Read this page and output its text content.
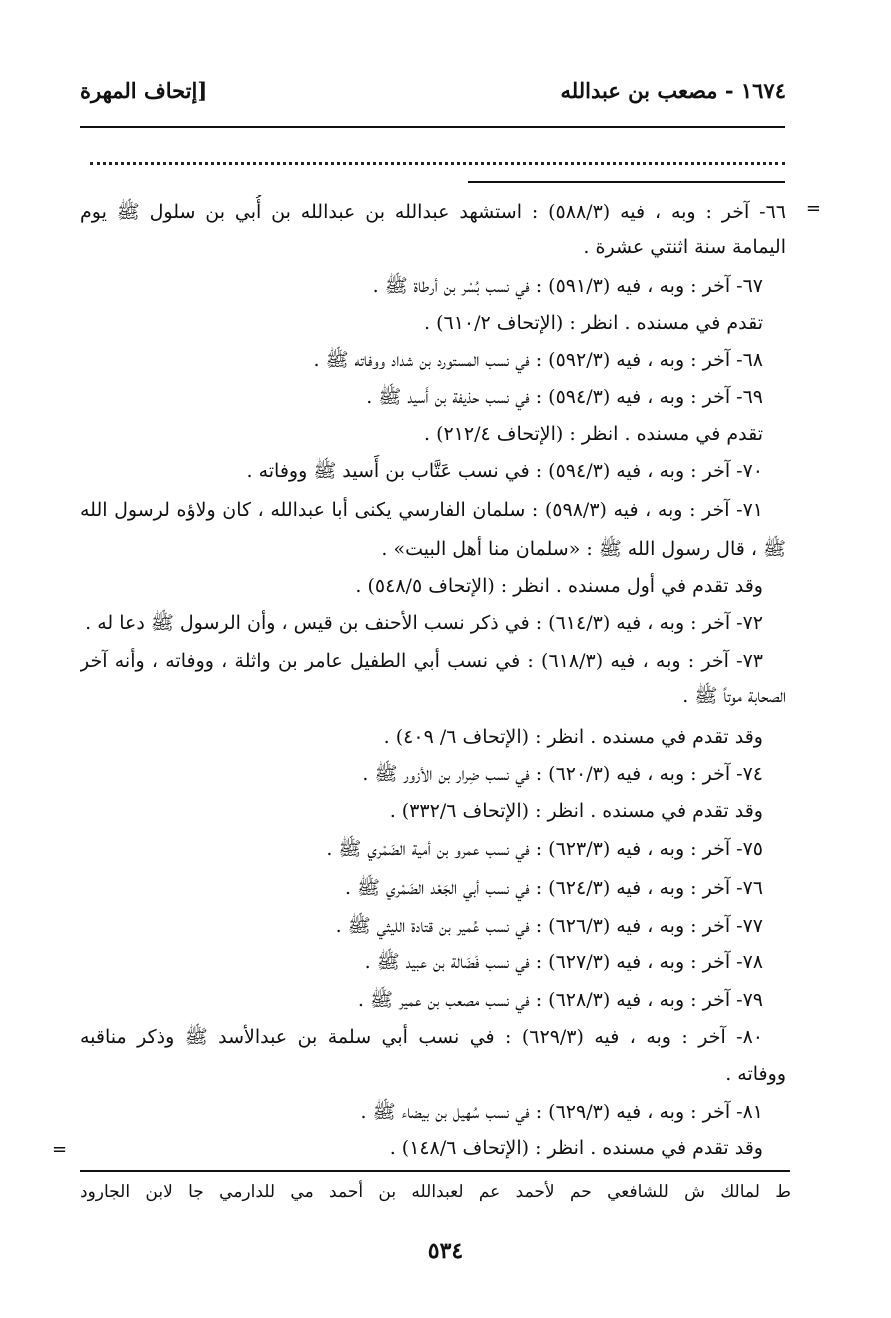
١٦٧٤ - مصعب بن عبدالله
[إتحاف المهرة
=
=
٦٦- آخر : وبه ، فيه (٥٨٨/٣) : استشهد عبدالله بن عبدالله بن أُبي بن سلول ﷺ يوم
اليمامة سنة اثنتي عشرة .
٦٧- آخر : وبه ، فيه (٥٩١/٣) : في نسب بُسْر بن أرطاة ﷺ .
تقدم في مسنده . انظر : (الإتحاف ٦١٠/٢) .
٦٨- آخر : وبه ، فيه (٥٩٢/٣) : في نسب المستورد بن شداد ووفاته ﷺ .
٦٩- آخر : وبه ، فيه (٥٩٤/٣) : في نسب حذيفة بن أَسيد ﷺ .
تقدم في مسنده . انظر : (الإتحاف ٢١٢/٤) .
٧٠- آخر : وبه ، فيه (٥٩٤/٣) : في نسب عَتَّاب بن أَسيد ﷺ ووفاته .
٧١- آخر : وبه ، فيه (٥٩٨/٣) : سلمان الفارسي يكنى أبا عبدالله ، كان ولاؤه لرسول الله
ﷺ ، قال رسول الله ﷺ : «سلمان منا أهل البيت» .
وقد تقدم في أول مسنده . انظر : (الإتحاف ٥٤٨/٥) .
٧٢- آخر : وبه ، فيه (٦١٤/٣) : في ذكر نسب الأحنف بن قيس ، وأن الرسول ﷺ دعا له .
٧٣- آخر : وبه ، فيه (٦١٨/٣) : في نسب أبي الطفيل عامر بن واثلة ، ووفاته ، وأنه آخر
الصحابة موتاً ﷺ .
وقد تقدم في مسنده . انظر : (الإتحاف ٦/ ٤٠٩) .
٧٤- آخر : وبه ، فيه (٦٢٠/٣) : في نسب ضِرار بن الأزور ﷺ .
وقد تقدم في مسنده . انظر : (الإتحاف ٣٣٢/٦) .
٧٥- آخر : وبه ، فيه (٦٢٣/٣) : في نسب عمرو بن أمية الضَمْري ﷺ .
٧٦- آخر : وبه ، فيه (٦٢٤/٣) : في نسب أبي الجَعْد الضَمْري ﷺ .
٧٧- آخر : وبه ، فيه (٦٢٦/٣) : في نسب عُمير بن قتادة الليثي ﷺ .
٧٨- آخر : وبه ، فيه (٦٢٧/٣) : في نسب فَضَالة بن عبيد ﷺ .
٧٩- آخر : وبه ، فيه (٦٢٨/٣) : في نسب مصعب بن عمير ﷺ .
٨٠- آخر : وبه ، فيه (٦٢٩/٣) : في نسب أبي سلمة بن عبدالأسد ﷺ وذكر مناقبه
ووفاته .
٨١- آخر : وبه ، فيه (٦٢٩/٣) : في نسب سُهيل بن بيضاء ﷺ .
وقد تقدم في مسنده . انظر : (الإتحاف ١٤٨/٦) .
ط لمالك ش للشافعي حم لأحمد عم لعبدالله بن أحمد مي للدارمي جا لابن الجارود
٥٣٤
